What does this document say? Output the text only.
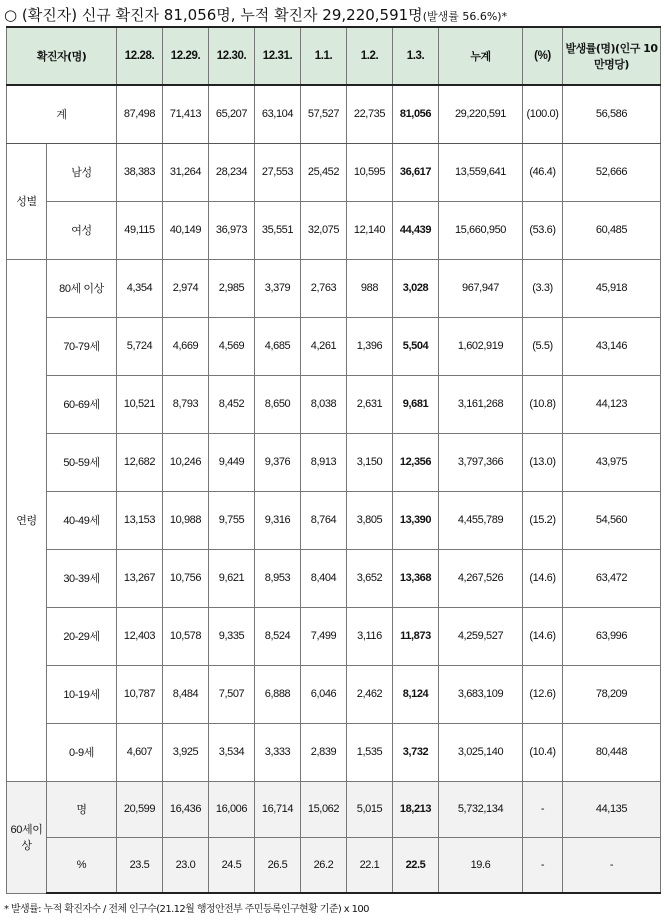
○ (확진자) 신규 확진자 81,056명, 누적 확진자 29,220,591명(발생률 56.6%)*
확진자(명)		12.28.	12.29.	12.30.	12.31.	1.1.	1.2.	1.3.	누계	(%)	발생률(명)(인구 10만명당)
계		87,498	71,413	65,207	63,104	57,527	22,735	81,056	29,220,591	(100.0)	56,586
성별	남성	38,383	31,264	28,234	27,553	25,452	10,595	36,617	13,559,641	(46.4)	52,666
	여성	49,115	40,149	36,973	35,551	32,075	12,140	44,439	15,660,950	(53.6)	60,485
연령	80세 이상	4,354	2,974	2,985	3,379	2,763	988	3,028	967,947	(3.3)	45,918
	70-79세	5,724	4,669	4,569	4,685	4,261	1,396	5,504	1,602,919	(5.5)	43,146
	60-69세	10,521	8,793	8,452	8,650	8,038	2,631	9,681	3,161,268	(10.8)	44,123
	50-59세	12,682	10,246	9,449	9,376	8,913	3,150	12,356	3,797,366	(13.0)	43,975
	40-49세	13,153	10,988	9,755	9,316	8,764	3,805	13,390	4,455,789	(15.2)	54,560
	30-39세	13,267	10,756	9,621	8,953	8,404	3,652	13,368	4,267,526	(14.6)	63,472
	20-29세	12,403	10,578	9,335	8,524	7,499	3,116	11,873	4,259,527	(14.6)	63,996
	10-19세	10,787	8,484	7,507	6,888	6,046	2,462	8,124	3,683,109	(12.6)	78,209
	0-9세	4,607	3,925	3,534	3,333	2,839	1,535	3,732	3,025,140	(10.4)	80,448
60세이상	명	20,599	16,436	16,006	16,714	15,062	5,015	18,213	5,732,134	-	44,135
	%	23.5	23.0	24.5	26.5	26.2	22.1	22.5	19.6	-	-
* 발생률: 누적 확진자수 / 전체 인구수(21.12월 행정안전부 주민등록인구현황 기준) x 100
